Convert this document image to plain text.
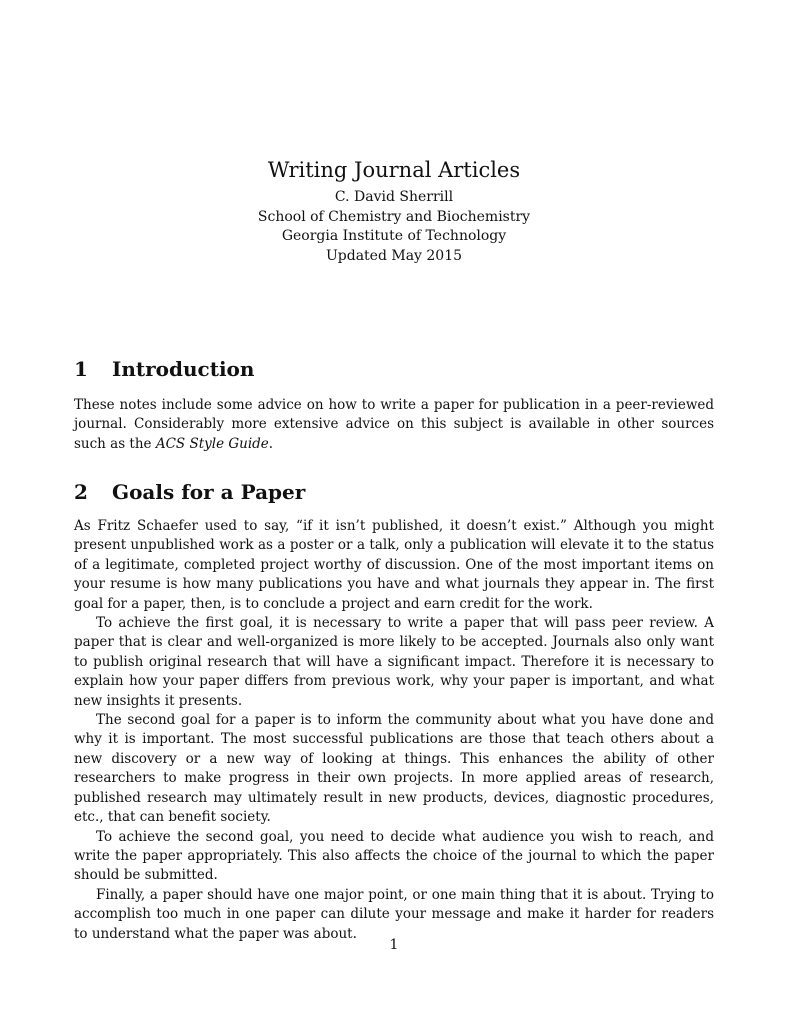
Writing Journal Articles

C. David Sherrill

School of Chemistry and Biochemistry

Georgia Institute of Technology

Updated May 2015

1 Introduction

These notes include some advice on how to write a paper for publication in a peer-reviewed journal. Considerably more extensive advice on this subject is available in other sources such as the ACS Style Guide.

2 Goals for a Paper

As Fritz Schaefer used to say, “if it isn’t published, it doesn’t exist.” Although you might present unpublished work as a poster or a talk, only a publication will elevate it to the status of a legitimate, completed project worthy of discussion. One of the most important items on your resume is how many publications you have and what journals they appear in. The first goal for a paper, then, is to conclude a project and earn credit for the work.

To achieve the first goal, it is necessary to write a paper that will pass peer review. A paper that is clear and well-organized is more likely to be accepted. Journals also only want to publish original research that will have a significant impact. Therefore it is necessary to explain how your paper differs from previous work, why your paper is important, and what new insights it presents.

The second goal for a paper is to inform the community about what you have done and why it is important. The most successful publications are those that teach others about a new discovery or a new way of looking at things. This enhances the ability of other researchers to make progress in their own projects. In more applied areas of research, published research may ultimately result in new products, devices, diagnostic procedures, etc., that can benefit society.

To achieve the second goal, you need to decide what audience you wish to reach, and write the paper appropriately. This also affects the choice of the journal to which the paper should be submitted.

Finally, a paper should have one major point, or one main thing that it is about. Trying to accomplish too much in one paper can dilute your message and make it harder for readers to understand what the paper was about.

1
